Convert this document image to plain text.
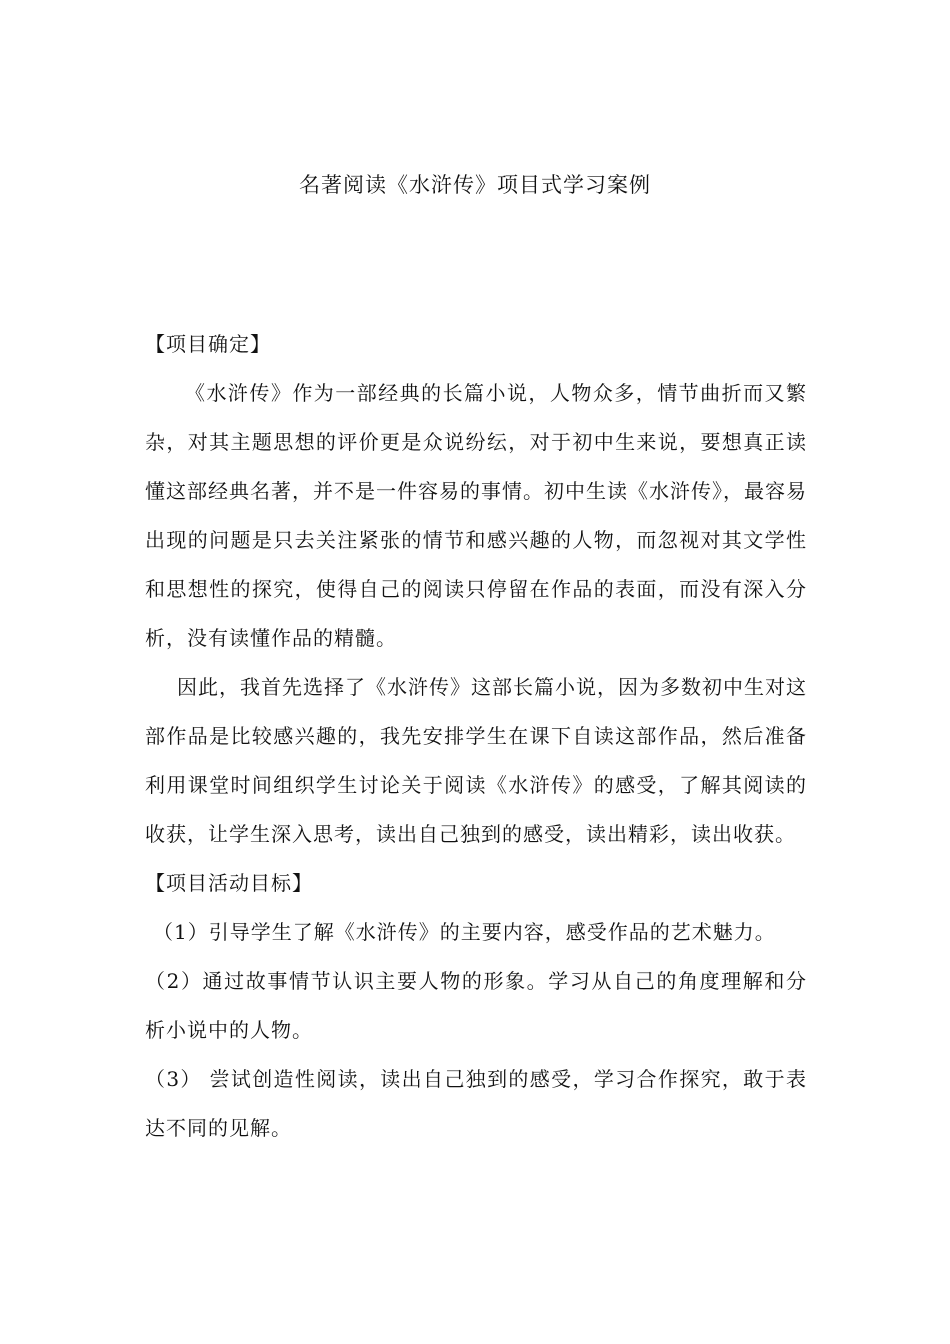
名著阅读《水浒传》项目式学习案例

【项目确定】

《水浒传》作为一部经典的长篇小说，人物众多，情节曲折而又繁杂，对其主题思想的评价更是众说纷纭，对于初中生来说，要想真正读懂这部经典名著，并不是一件容易的事情。初中生读《水浒传》，最容易出现的问题是只去关注紧张的情节和感兴趣的人物，而忽视对其文学性和思想性的探究，使得自己的阅读只停留在作品的表面，而没有深入分析，没有读懂作品的精髓。

因此，我首先选择了《水浒传》这部长篇小说，因为多数初中生对这部作品是比较感兴趣的，我先安排学生在课下自读这部作品，然后准备利用课堂时间组织学生讨论关于阅读《水浒传》的感受，了解其阅读的收获，让学生深入思考，读出自己独到的感受，读出精彩，读出收获。

【项目活动目标】

（1）引导学生了解《水浒传》的主要内容，感受作品的艺术魅力。

（2）通过故事情节认识主要人物的形象。学习从自己的角度理解和分析小说中的人物。

（3） 尝试创造性阅读，读出自己独到的感受，学习合作探究，敢于表达不同的见解。
